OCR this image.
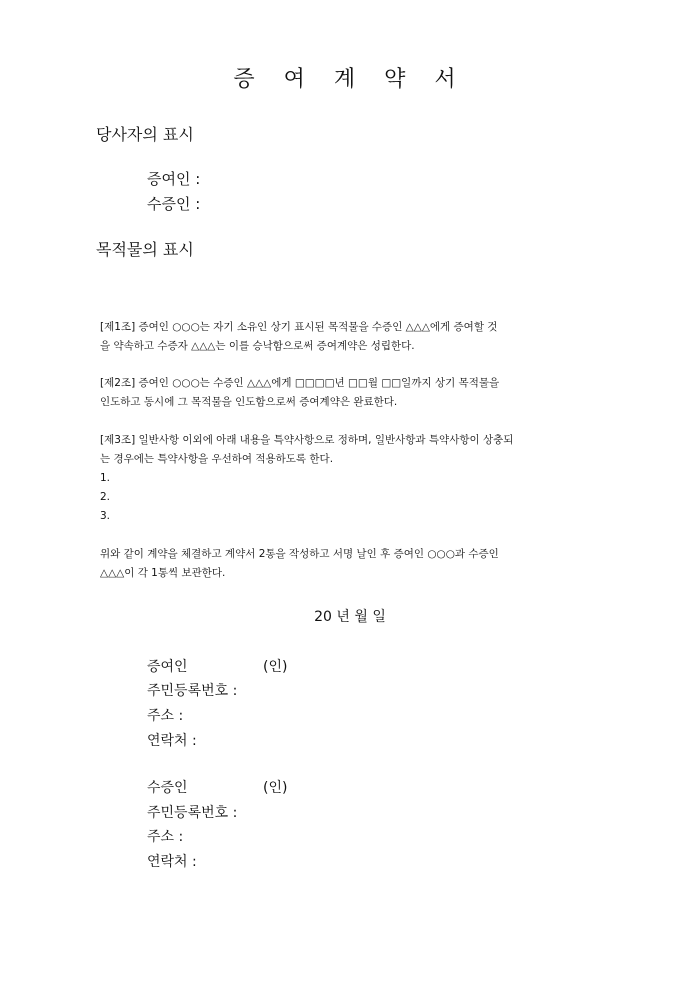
증 여 계 약 서
당사자의 표시
증여인 :
수증인 :
목적물의 표시

[제1조] 증여인 ○○○는 자기 소유인 상기 표시된 목적물을 수증인 △△△에게 증여할 것

을 약속하고 수증자 △△△는 이를 승낙함으로써 증여계약은 성립한다.

[제2조] 증여인 ○○○는 수증인 △△△에게 □□□□년 □□월 □□일까지 상기 목적물을

인도하고 동시에 그 목적물을 인도함으로써 증여계약은 완료한다.

[제3조] 일반사항 이외에 아래 내용을 특약사항으로 정하며, 일반사항과 특약사항이 상충되

는 경우에는 특약사항을 우선하여 적용하도록 한다.

1.

2.

3.

위와 같이 계약을 체결하고 계약서 2통을 작성하고 서명 날인 후 증여인 ○○○과 수증인

△△△이 각 1통씩 보관한다.

20 년 월 일
증여인	(인)
주민등록번호 :
주소 :
연락처 :
수증인	(인)
주민등록번호 :
주소 :
연락처 :
